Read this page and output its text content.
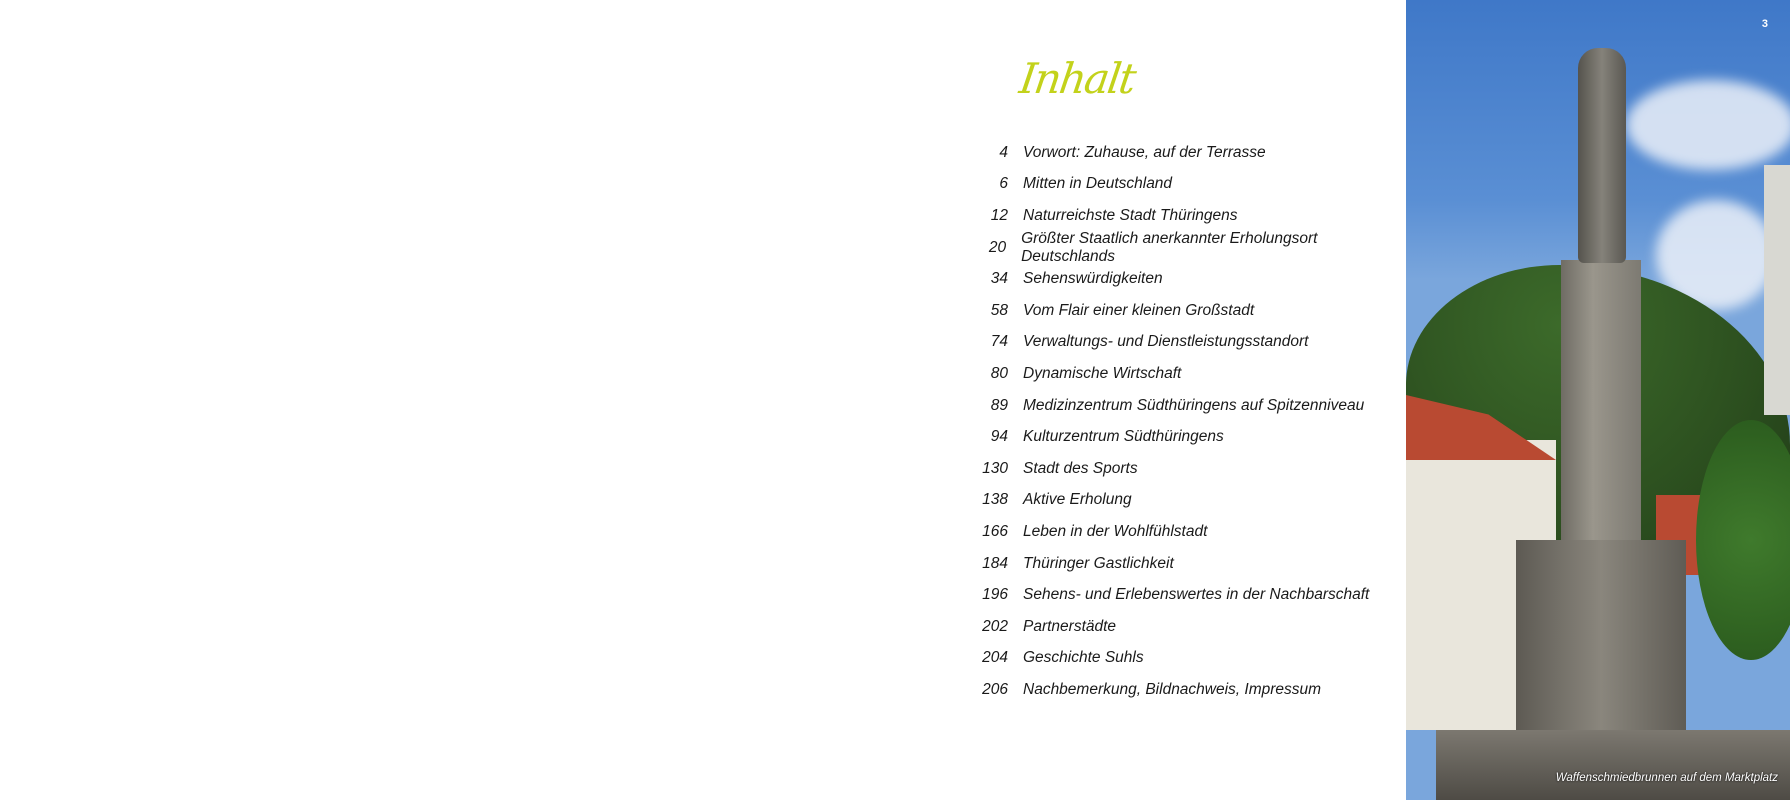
Inhalt
4 Vorwort: Zuhause, auf der Terrasse
6 Mitten in Deutschland
12 Naturreichste Stadt Thüringens
20
Größter Staatlich anerkannter Erholungsort Deutschlands
34 Sehenswürdigkeiten
58 Vom Flair einer kleinen Großstadt
74 Verwaltungs- und Dienstleistungsstandort
80 Dynamische Wirtschaft
89 Medizinzentrum Südthüringens auf Spitzenniveau
94 Kulturzentrum Südthüringens
130 Stadt des Sports
138 Aktive Erholung
166 Leben in der Wohlfühlstadt
184 Thüringer Gastlichkeit
196 Sehens- und Erlebenswertes in der Nachbarschaft
202 Partnerstädte
204 Geschichte Suhls
206 Nachbemerkung, Bildnachweis, Impressum
3
Waffenschmiedbrunnen auf dem Marktplatz
